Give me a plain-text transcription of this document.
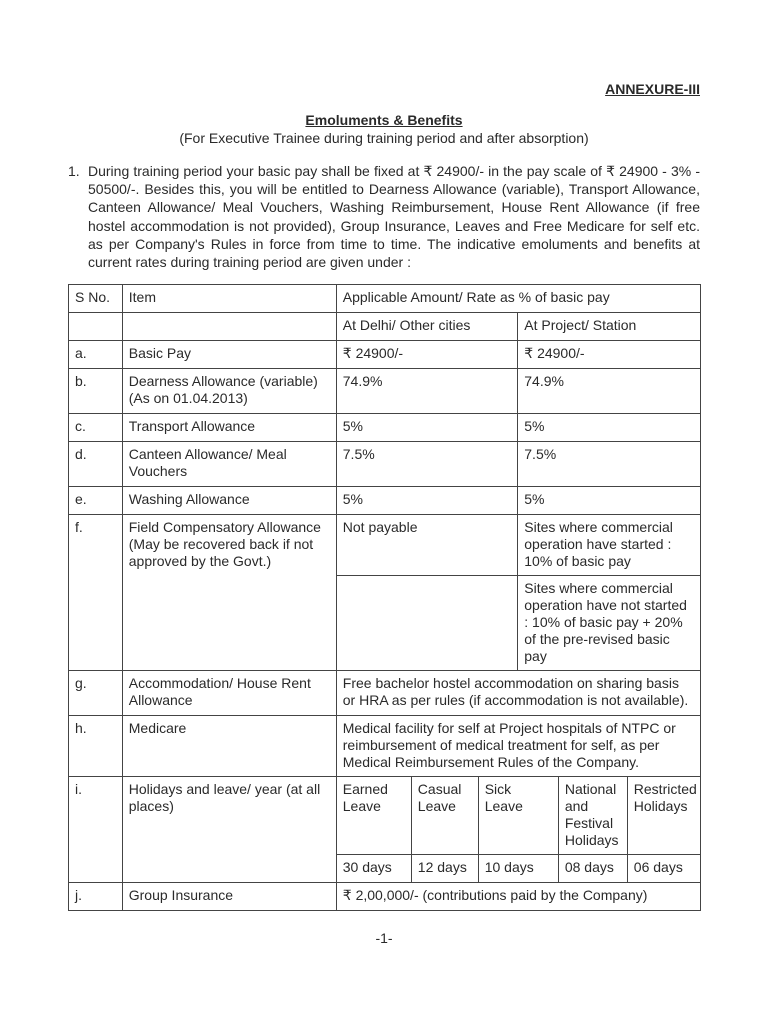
ANNEXURE-III
Emoluments & Benefits
(For Executive Trainee during training period and after absorption)
1. During training period your basic pay shall be fixed at ₹ 24900/- in the pay scale of ₹ 24900 - 3% - 50500/-. Besides this, you will be entitled to Dearness Allowance (variable), Transport Allowance, Canteen Allowance/ Meal Vouchers, Washing Reimbursement, House Rent Allowance (if free hostel accommodation is not provided), Group Insurance, Leaves and Free Medicare for self etc. as per Company's Rules in force from time to time. The indicative emoluments and benefits at current rates during training period are given under :
S No.	Item	Applicable Amount/ Rate as % of basic pay					
		At Delhi/ Other cities			At Project/ Station		
a.	Basic Pay	₹ 24900/-			₹ 24900/-		
b.	Dearness Allowance (variable) (As on 01.04.2013)	74.9%			74.9%		
c.	Transport Allowance	5%			5%		
d.	Canteen Allowance/ Meal Vouchers	7.5%			7.5%		
e.	Washing Allowance	5%			5%		
f.	Field Compensatory Allowance (May be recovered back if not approved by the Govt.)	Not payable			Sites where commercial operation have started : 10% of basic pay		
					Sites where commercial operation have not started : 10% of basic pay + 20% of the pre-revised basic pay		
g.	Accommodation/ House Rent Allowance	Free bachelor hostel accommodation on sharing basis or HRA as per rules (if accommodation is not available).					
h.	Medicare	Medical facility for self at Project hospitals of NTPC or reimbursement of medical treatment for self, as per Medical Reimbursement Rules of the Company.					
i.	Holidays and leave/ year (at all places)	Earned Leave	Casual Leave	Sick Leave		National and Festival Holidays	Restricted Holidays
		30 days	12 days	10 days		08 days	06 days
j.	Group Insurance	₹ 2,00,000/- (contributions paid by the Company)					
-1-
